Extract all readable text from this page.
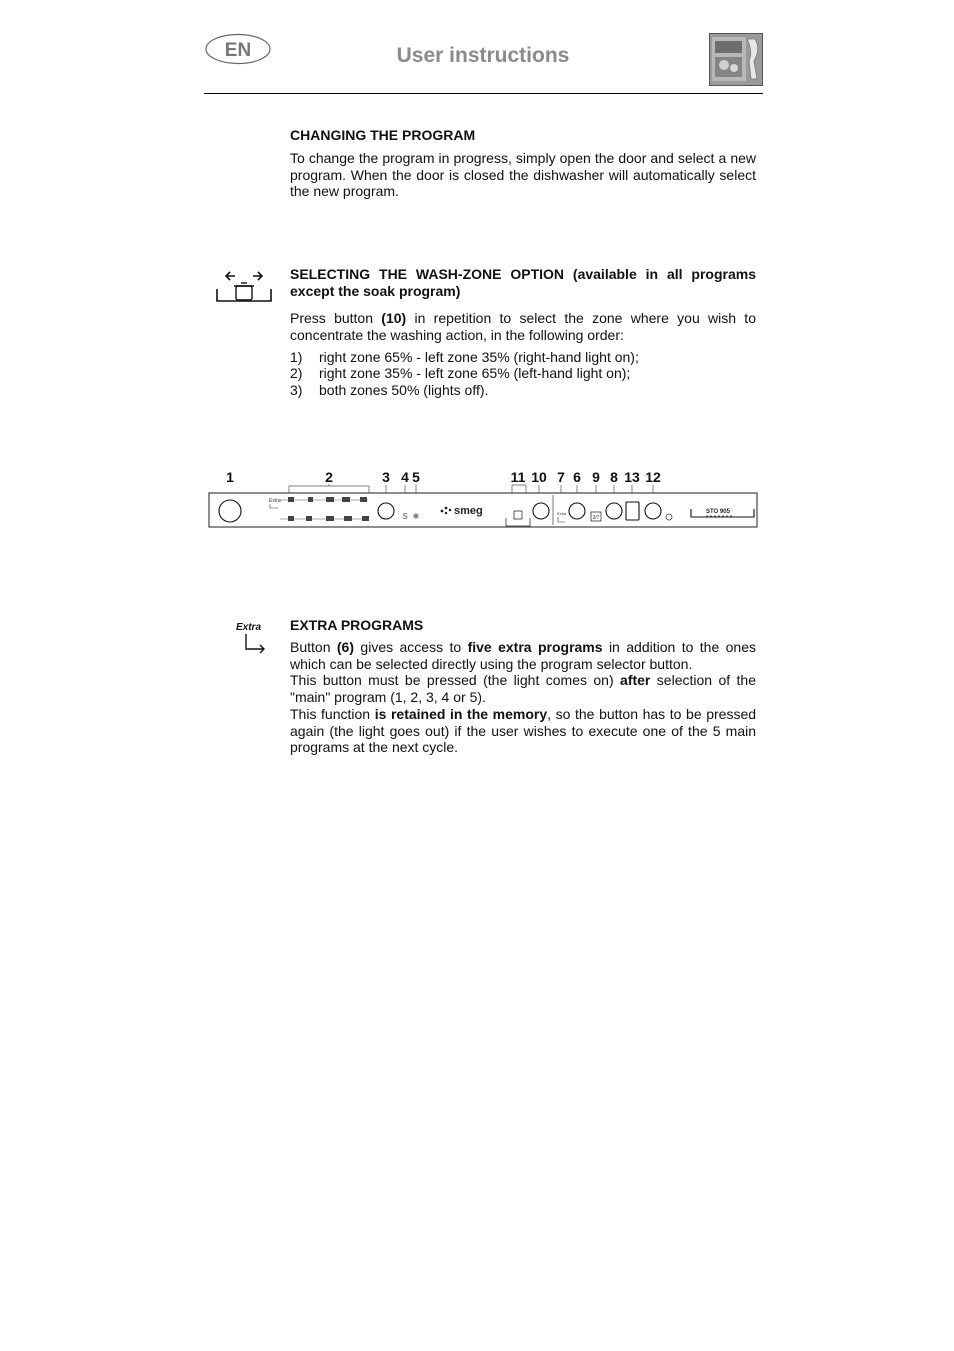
EN	User instructions
CHANGING THE PROGRAM
To change the program in progress, simply open the door and select a new program. When the door is closed the dishwasher will automatically select the new program.
SELECTING THE WASH-ZONE OPTION (available in all programs except the soak program)
Press button (10) in repetition to select the zone where you wish to concentrate the washing action, in the following order:
1) right zone 65% - left zone 35% (right-hand light on);
2) right zone 35% - left zone 65% (left-hand light on);
3) both zones 50% (lights off).
1	2	3 4 5	11 10 7 6 9 8 13 12
Extra
S ✱	smeg	Extra
3/7
STO 905
Extra EXTRA PROGRAMS
Button (6) gives access to five extra programs in addition to the ones which can be selected directly using the program selector button.
This button must be pressed (the light comes on) after selection of the "main" program (1, 2, 3, 4 or 5).
This function is retained in the memory, so the button has to be pressed again (the light goes out) if the user wishes to execute one of the 5 main programs at the next cycle.
